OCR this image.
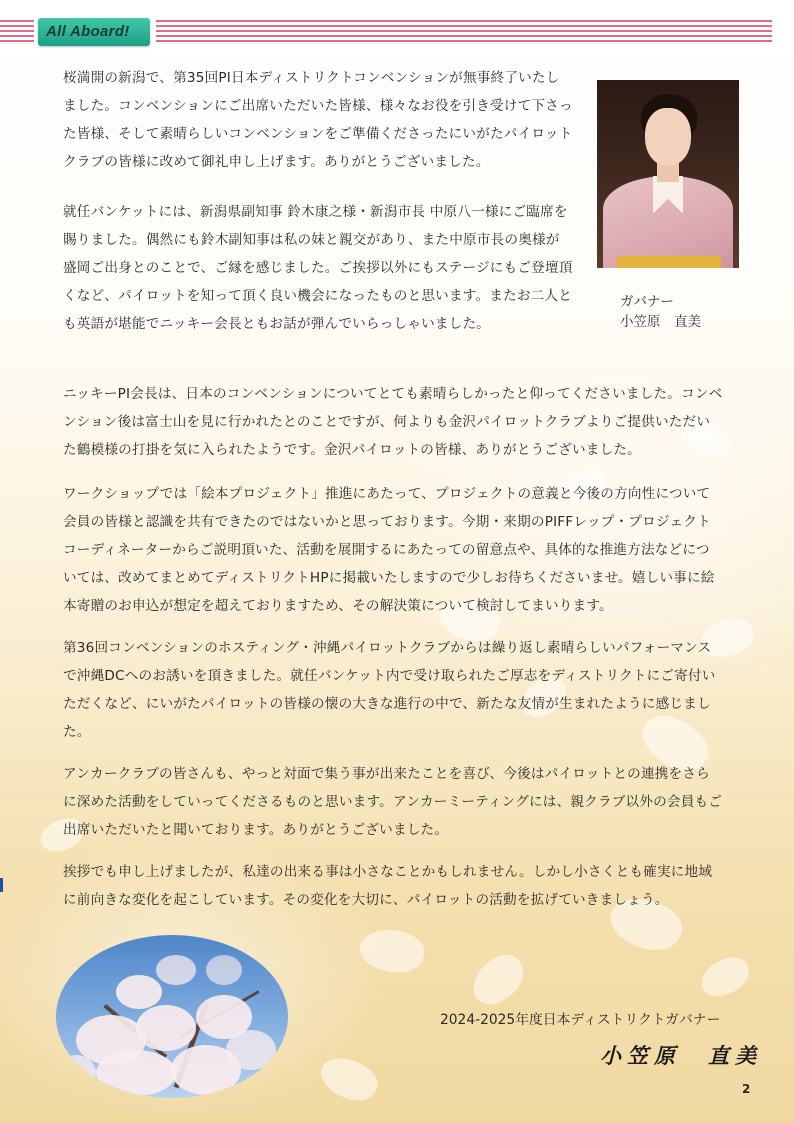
All Aboard!

桜満開の新潟で、第35回PI日本ディストリクトコンベンションが無事終了いたしました。コンベンションにご出席いただいた皆様、様々なお役を引き受けて下さった皆様、そして素晴らしいコンベンションをご準備くださったにいがたパイロットクラブの皆様に改めて御礼申し上げます。ありがとうございました。

就任バンケットには、新潟県副知事 鈴木康之様・新潟市長 中原八一様にご臨席を賜りました。偶然にも鈴木副知事は私の妹と親交があり、また中原市長の奥様が盛岡ご出身とのことで、ご縁を感じました。ご挨拶以外にもステージにもご登壇頂くなど、パイロットを知って頂く良い機会になったものと思います。またお二人とも英語が堪能でニッキー会長ともお話が弾んでいらっしゃいました。

ガバナー
小笠原　直美

ニッキーPI会長は、日本のコンベンションについてとても素晴らしかったと仰ってくださいました。コンベンション後は富士山を見に行かれたとのことですが、何よりも金沢パイロットクラブよりご提供いただいた鶴模様の打掛を気に入られたようです。金沢パイロットの皆様、ありがとうございました。

ワークショップでは「絵本プロジェクト」推進にあたって、プロジェクトの意義と今後の方向性について会員の皆様と認識を共有できたのではないかと思っております。今期・来期のPIFFレップ・プロジェクトコーディネーターからご説明頂いた、活動を展開するにあたっての留意点や、具体的な推進方法などについては、改めてまとめてディストリクトHPに掲載いたしますので少しお待ちくださいませ。嬉しい事に絵本寄贈のお申込が想定を超えておりますため、その解決策について検討してまいります。

第36回コンベンションのホスティング・沖縄パイロットクラブからは繰り返し素晴らしいパフォーマンスで沖縄DCへのお誘いを頂きました。就任バンケット内で受け取られたご厚志をディストリクトにご寄付いただくなど、にいがたパイロットの皆様の懐の大きな進行の中で、新たな友情が生まれたように感じました。

アンカークラブの皆さんも、やっと対面で集う事が出来たことを喜び、今後はパイロットとの連携をさらに深めた活動をしていってくださるものと思います。アンカーミーティングには、親クラブ以外の会員もご出席いただいたと聞いております。ありがとうございました。

挨拶でも申し上げましたが、私達の出来る事は小さなことかもしれません。しかし小さくとも確実に地域に前向きな変化を起こしています。その変化を大切に、パイロットの活動を拡げていきましょう。

2024-2025年度日本ディストリクトガバナー
小笠原　直美
2
